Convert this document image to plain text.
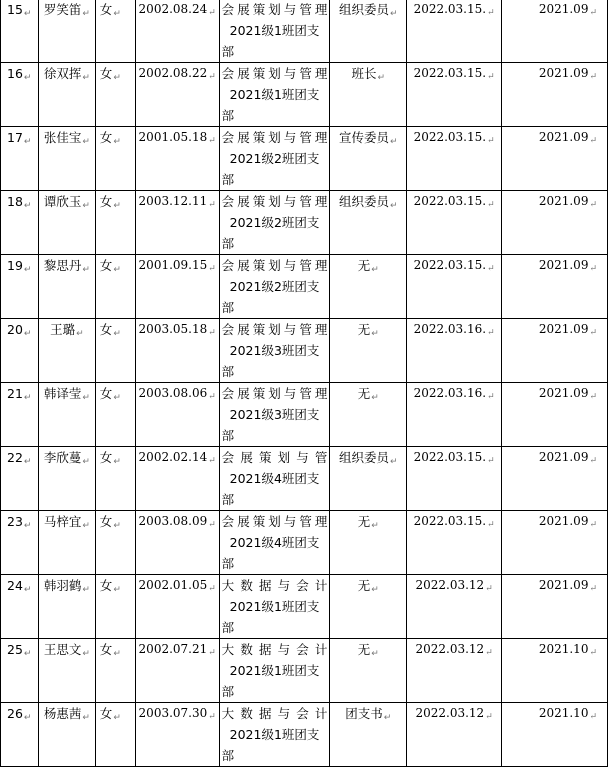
15↵	罗笑笛↵	女↵	2002.08.24↵	会展策划与管理
2021级1班团支
部	组织委员↵	2022.03.15.↵	2021.09↵
16↵	徐双挥↵	女↵	2002.08.22↵	会展策划与管理
2021级1班团支
部	班长↵	2022.03.15.↵	2021.09↵
17↵	张佳宝↵	女↵	2001.05.18↵	会展策划与管理
2021级2班团支
部	宣传委员↵	2022.03.15.↵	2021.09↵
18↵	谭欣玉↵	女↵	2003.12.11↵	会展策划与管理
2021级2班团支
部	组织委员↵	2022.03.15.↵	2021.09↵
19↵	黎思丹↵	女↵	2001.09.15↵	会展策划与管理
2021级2班团支
部	无↵	2022.03.15.↵	2021.09↵
20↵	王璐↵	女↵	2003.05.18↵	会展策划与管理
2021级3班团支
部	无↵	2022.03.16.↵	2021.09↵
21↵	韩译莹↵	女↵	2003.08.06↵	会展策划与管理
2021级3班团支
部	无↵	2022.03.16.↵	2021.09↵
22↵	李欣蔓↵	女↵	2002.02.14↵	会展策划与管
2021级4班团支
部	组织委员↵	2022.03.15.↵	2021.09↵
23↵	马梓宜↵	女↵	2003.08.09↵	会展策划与管理
2021级4班团支
部	无↵	2022.03.15.↵	2021.09↵
24↵	韩羽鹤↵	女↵	2002.01.05↵	大数据与会计
2021级1班团支
部	无↵	2022.03.12↵	2021.09↵
25↵	王思文↵	女↵	2002.07.21↵	大数据与会计
2021级1班团支
部	无↵	2022.03.12↵	2021.10↵
26↵	杨惠茜↵	女↵	2003.07.30↵	大数据与会计
2021级1班团支
部	团支书↵	2022.03.12↵	2021.10↵
